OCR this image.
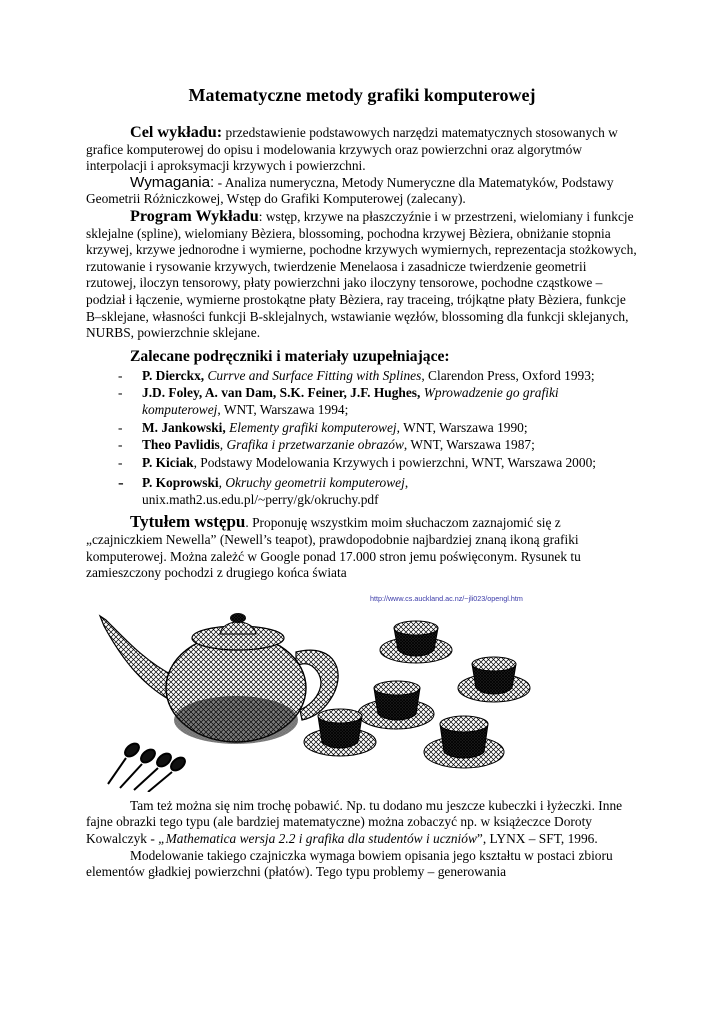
Matematyczne metody grafiki komputerowej

Cel wykładu: przedstawienie podstawowych narzędzi matematycznych stosowanych w grafice komputerowej do opisu i modelowania krzywych oraz powierzchni oraz algorytmów interpolacji i aproksymacji krzywych i powierzchni.

Wymagania: - Analiza numeryczna, Metody Numeryczne dla Matematyków, Podstawy Geometrii Różniczkowej, Wstęp do Grafiki Komputerowej (zalecany).

Program Wykładu: wstęp, krzywe na płaszczyźnie i w przestrzeni, wielomiany i funkcje sklejalne (spline), wielomiany Bèziera, blossoming, pochodna krzywej Bèziera, obniżanie stopnia krzywej, krzywe jednorodne i wymierne, pochodne krzywych wymiernych, reprezentacja stożkowych, rzutowanie i rysowanie krzywych, twierdzenie Menelaosa i zasadnicze twierdzenie geometrii rzutowej, iloczyn tensorowy, płaty powierzchni jako iloczyny tensorowe, pochodne cząstkowe – podział i łączenie, wymierne prostokątne płaty Bèziera, ray traceing, trójkątne płaty Bèziera, funkcje B–sklejane, własności funkcji B-sklejalnych, wstawianie węzłów, blossoming dla funkcji sklejanych, NURBS, powierzchnie sklejane.

Zalecane podręczniki i materiały uzupełniające:
- P. Dierckx, Currve and Surface Fitting with Splines, Clarendon Press, Oxford 1993;
- J.D. Foley, A. van Dam, S.K. Feiner, J.F. Hughes, Wprowadzenie go grafiki komputerowej, WNT, Warszawa 1994;
- M. Jankowski, Elementy grafiki komputerowej, WNT, Warszawa 1990;
- Theo Pavlidis, Grafika i przetwarzanie obrazów, WNT, Warszawa 1987;
- P. Kiciak, Podstawy Modelowania Krzywych i powierzchni, WNT, Warszawa 2000;
- P. Koprowski, Okruchy geometrii komputerowej, unix.math2.us.edu.pl/~perry/gk/okruchy.pdf

Tytułem wstępu. Proponuję wszystkim moim słuchaczom zaznajomić się z „czajniczkiem Newella” (Newell’s teapot), prawdopodobnie najbardziej znaną ikoną grafiki komputerowej. Można zależć w Google ponad 17.000 stron jemu poświęconym. Rysunek tu zamieszczony pochodzi z drugiego końca świata

http://www.cs.auckland.ac.nz/~jli023/opengl.htm

Tam też można się nim trochę pobawić. Np. tu dodano mu jeszcze kubeczki i łyżeczki. Inne fajne obrazki tego typu (ale bardziej matematyczne) można zobaczyć np. w książeczce Doroty Kowalczyk - „Mathematica wersja 2.2 i grafika dla studentów i uczniów”, LYNX – SFT, 1996.

Modelowanie takiego czajniczka wymaga bowiem opisania jego kształtu w postaci zbioru elementów gładkiej powierzchni (płatów). Tego typu problemy – generowania
